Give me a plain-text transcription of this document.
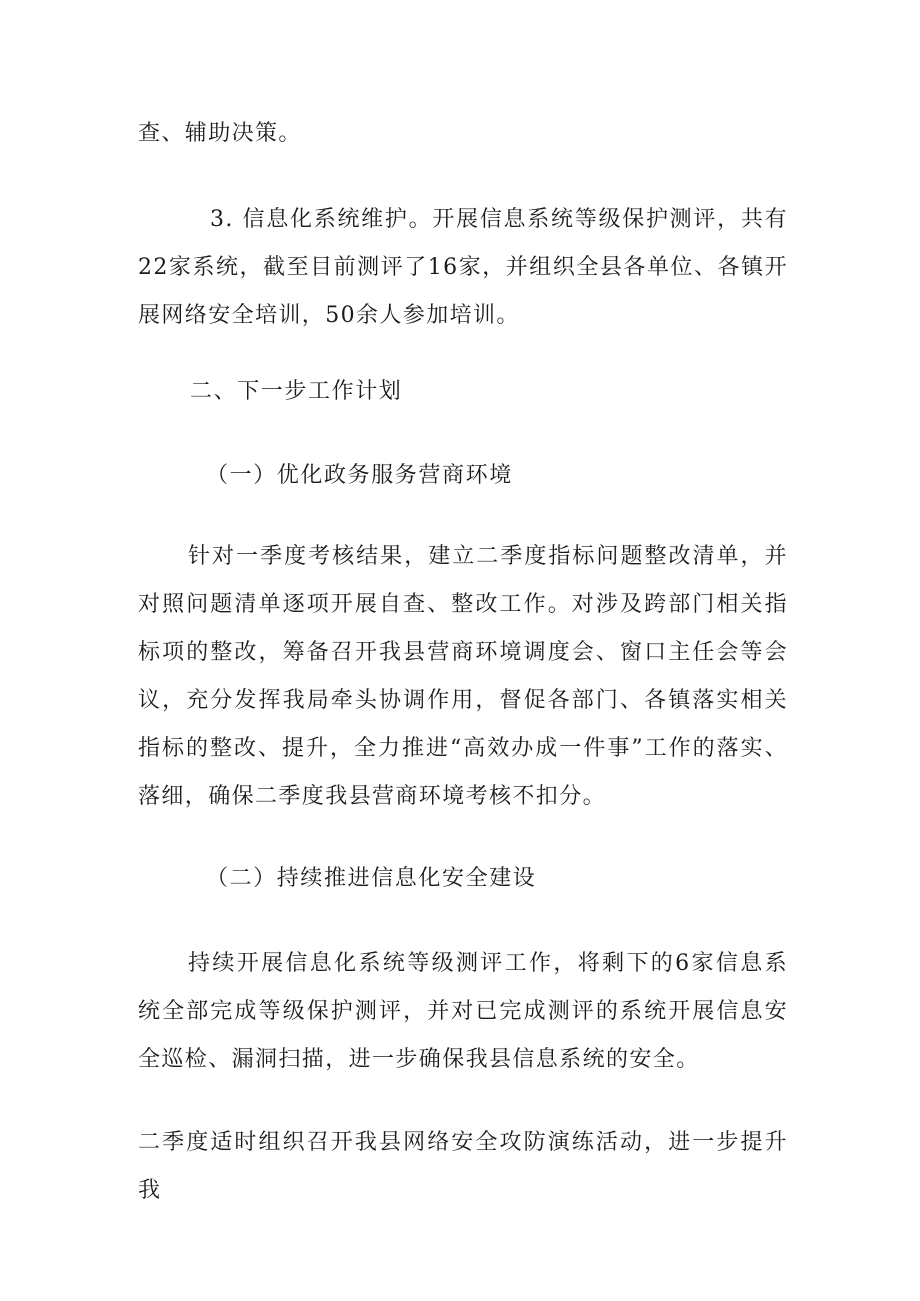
查、辅助决策。

3. 信息化系统维护。开展信息系统等级保护测评，共有22家系统，截至目前测评了16家，并组织全县各单位、各镇开展网络安全培训，50余人参加培训。

二、下一步工作计划

（一）优化政务服务营商环境

针对一季度考核结果，建立二季度指标问题整改清单，并对照问题清单逐项开展自查、整改工作。对涉及跨部门相关指标项的整改，筹备召开我县营商环境调度会、窗口主任会等会议，充分发挥我局牵头协调作用，督促各部门、各镇落实相关指标的整改、提升，全力推进“高效办成一件事”工作的落实、落细，确保二季度我县营商环境考核不扣分。

（二）持续推进信息化安全建设

持续开展信息化系统等级测评工作，将剩下的6家信息系统全部完成等级保护测评，并对已完成测评的系统开展信息安全巡检、漏洞扫描，进一步确保我县信息系统的安全。

二季度适时组织召开我县网络安全攻防演练活动，进一步提升我
